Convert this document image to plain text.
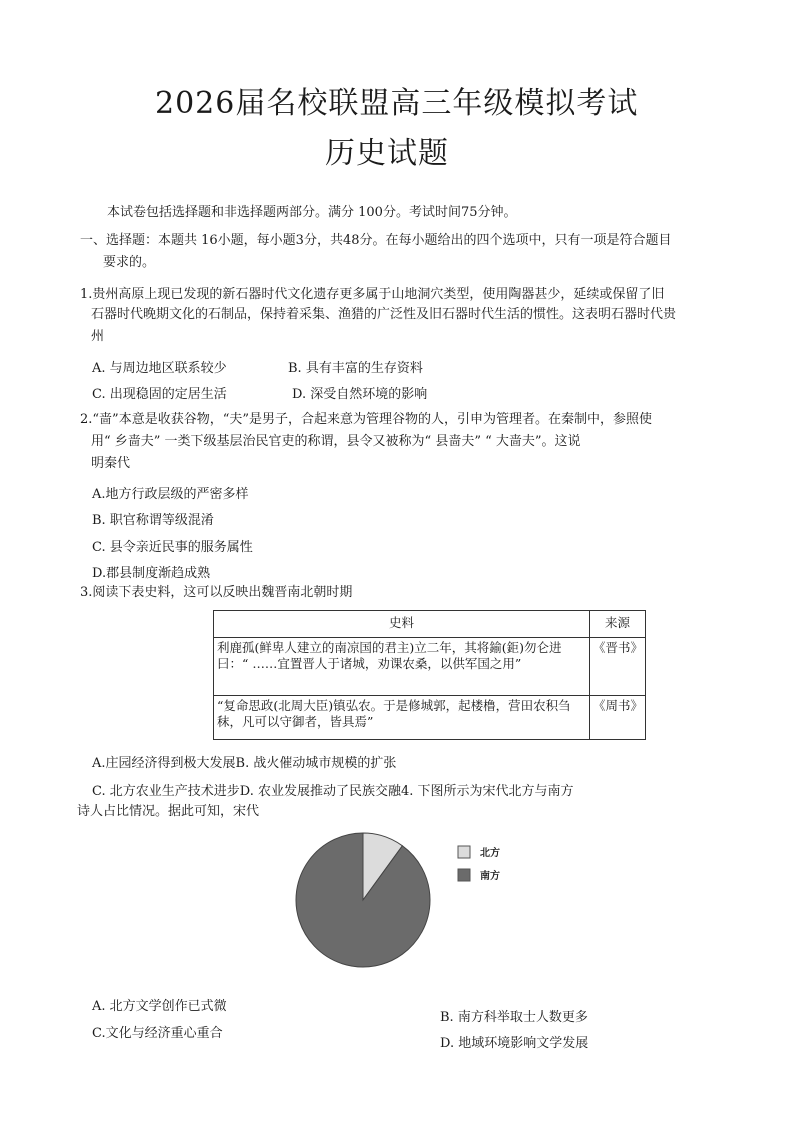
2026届名校联盟高三年级模拟考试
历史试题
本试卷包括选择题和非选择题两部分。满分 100分。考试时间75分钟。
一、选择题：本题共 16小题，每小题3分，共48分。在每小题给出的四个选项中，只有一项是符合题目
要求的。
1.贵州高原上现已发现的新石器时代文化遗存更多属于山地洞穴类型，使用陶器甚少，延续或保留了旧
石器时代晚期文化的石制品，保持着采集、渔猎的广泛性及旧石器时代生活的惯性。这表明石器时代贵
州
A. 与周边地区联系较少	B. 具有丰富的生存资料
C. 出现稳固的定居生活	D. 深受自然环境的影响
2.“啬”本意是收获谷物，“夫”是男子，合起来意为管理谷物的人，引申为管理者。在秦制中，参照使
用“ 乡啬夫” 一类下级基层治民官吏的称谓，县令又被称为“ 县啬夫” “ 大啬夫”。这说
明秦代
A.地方行政层级的严密多样
B. 职官称谓等级混淆
C. 县令亲近民事的服务属性
D.郡县制度渐趋成熟
3.阅读下表史料，这可以反映出魏晋南北朝时期
史料	来源
利鹿孤(鲜卑人建立的南凉国的君主)立二年，其将鍮(鉅)勿仑进曰：“ ……宜置晋人于诸城，劝课农桑，以供军国之用”	《晋书》
“复命思政(北周大臣)镇弘农。于是修城郭，起楼橹，营田农积刍秣，凡可以守御者，皆具焉”	《周书》
A.庄园经济得到极大发展B. 战火催动城市规模的扩张
C. 北方农业生产技术进步D. 农业发展推动了民族交融4. 下图所示为宋代北方与南方
诗人占比情况。据此可知，宋代
北方
南方
A. 北方文学创作已式微
B. 南方科举取士人数更多
C.文化与经济重心重合
D. 地域环境影响文学发展
